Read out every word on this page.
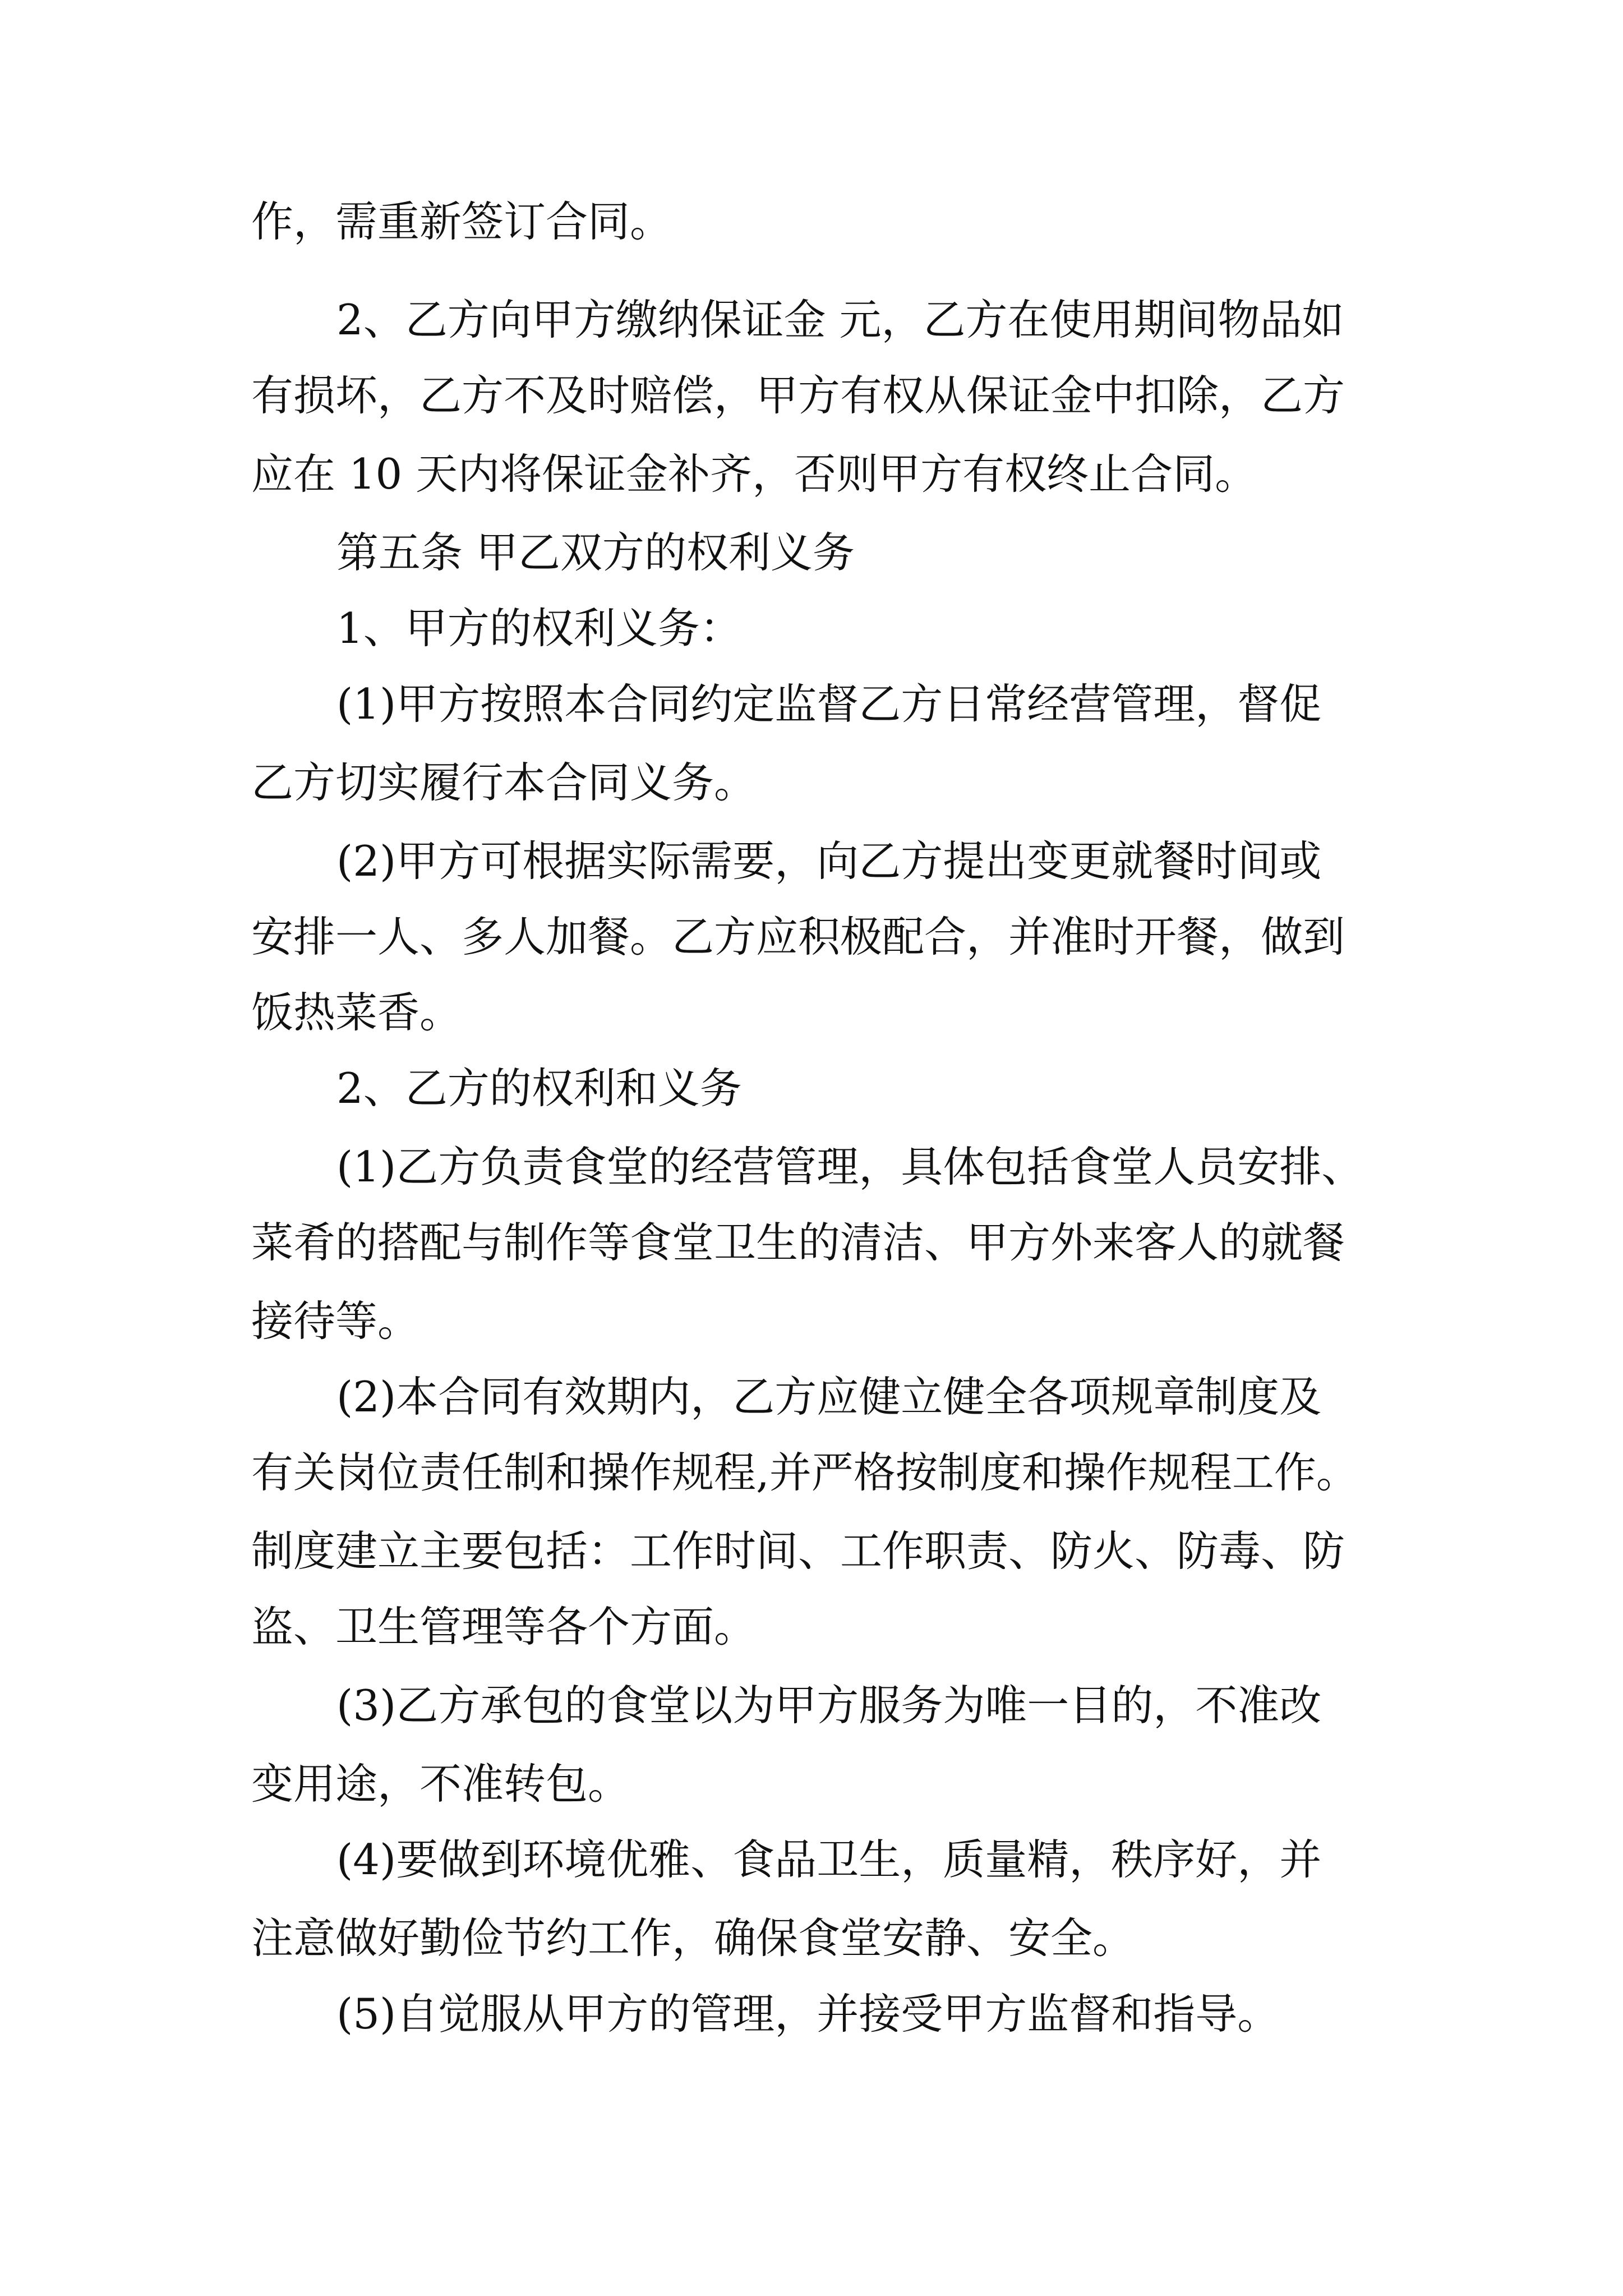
作，需重新签订合同。

2、乙方向甲方缴纳保证金 元，乙方在使用期间物品如

有损坏，乙方不及时赔偿，甲方有权从保证金中扣除，乙方

应在 10 天内将保证金补齐，否则甲方有权终止合同。

第五条 甲乙双方的权利义务

1、甲方的权利义务：

(1)甲方按照本合同约定监督乙方日常经营管理，督促

乙方切实履行本合同义务。

(2)甲方可根据实际需要，向乙方提出变更就餐时间或

安排一人、多人加餐。乙方应积极配合，并准时开餐，做到

饭热菜香。

2、乙方的权利和义务

(1)乙方负责食堂的经营管理，具体包括食堂人员安排、

菜肴的搭配与制作等食堂卫生的清洁、甲方外来客人的就餐

接待等。

(2)本合同有效期内，乙方应健立健全各项规章制度及

有关岗位责任制和操作规程,并严格按制度和操作规程工作。

制度建立主要包括：工作时间、工作职责、防火、防毒、防

盗、卫生管理等各个方面。

(3)乙方承包的食堂以为甲方服务为唯一目的，不准改

变用途，不准转包。

(4)要做到环境优雅、食品卫生，质量精，秩序好，并

注意做好勤俭节约工作，确保食堂安静、安全。

(5)自觉服从甲方的管理，并接受甲方监督和指导。
